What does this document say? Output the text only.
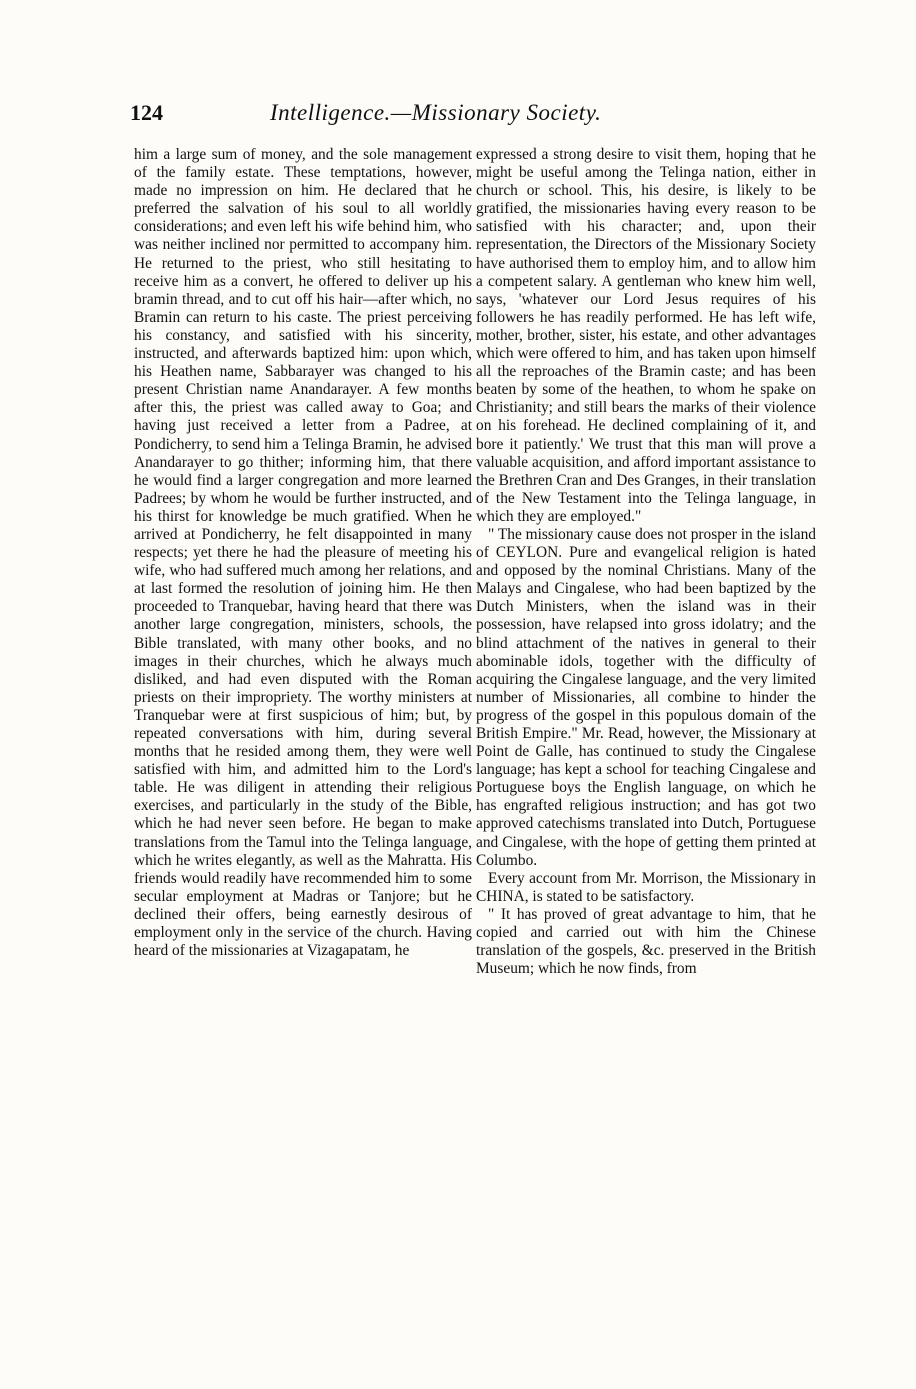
124	Intelligence.—Missionary Society.

him a large sum of money, and the sole management of the family estate. These temptations, however, made no impression on him. He declared that he preferred the salvation of his soul to all worldly considerations; and even left his wife behind him, who was neither inclined nor permitted to accompany him. He returned to the priest, who still hesitating to receive him as a convert, he offered to deliver up his bramin thread, and to cut off his hair—after which, no Bramin can return to his caste. The priest perceiving his constancy, and satisfied with his sincerity, instructed, and afterwards baptized him: upon which, his Heathen name, Sabbarayer was changed to his present Christian name Anandarayer. A few months after this, the priest was called away to Goa; and having just received a letter from a Padree, at Pondicherry, to send him a Telinga Bramin, he advised Anandarayer to go thither; informing him, that there he would find a larger congregation and more learned Padrees; by whom he would be further instructed, and his thirst for knowledge be much gratified. When he arrived at Pondicherry, he felt disappointed in many respects; yet there he had the pleasure of meeting his wife, who had suffered much among her relations, and at last formed the resolution of joining him. He then proceeded to Tranquebar, having heard that there was another large congregation, ministers, schools, the Bible translated, with many other books, and no images in their churches, which he always much disliked, and had even disputed with the Roman priests on their impropriety. The worthy ministers at Tranquebar were at first suspicious of him; but, by repeated conversations with him, during several months that he resided among them, they were well satisfied with him, and admitted him to the Lord's table. He was diligent in attending their religious exercises, and particularly in the study of the Bible, which he had never seen before. He began to make translations from the Tamul into the Telinga language, which he writes elegantly, as well as the Mahratta. His friends would readily have recommended him to some secular employment at Madras or Tanjore; but he declined their offers, being earnestly desirous of employment only in the service of the church. Having heard of the missionaries at Vizagapatam, he

expressed a strong desire to visit them, hoping that he might be useful among the Telinga nation, either in church or school. This, his desire, is likely to be gratified, the missionaries having every reason to be satisfied with his character; and, upon their representation, the Directors of the Missionary Society have authorised them to employ him, and to allow him a competent salary. A gentleman who knew him well, says, 'whatever our Lord Jesus requires of his followers he has readily performed. He has left wife, mother, brother, sister, his estate, and other advantages which were offered to him, and has taken upon himself all the reproaches of the Bramin caste; and has been beaten by some of the heathen, to whom he spake on Christianity; and still bears the marks of their violence on his forehead. He declined complaining of it, and bore it patiently.' We trust that this man will prove a valuable acquisition, and afford important assistance to the Brethren Cran and Des Granges, in their translation of the New Testament into the Telinga language, in which they are employed."

" The missionary cause does not prosper in the island of CEYLON. Pure and evangelical religion is hated and opposed by the nominal Christians. Many of the Malays and Cingalese, who had been baptized by the Dutch Ministers, when the island was in their possession, have relapsed into gross idolatry; and the blind attachment of the natives in general to their abominable idols, together with the difficulty of acquiring the Cingalese language, and the very limited number of Missionaries, all combine to hinder the progress of the gospel in this populous domain of the British Empire." Mr. Read, however, the Missionary at Point de Galle, has continued to study the Cingalese language; has kept a school for teaching Cingalese and Portuguese boys the English language, on which he has engrafted religious instruction; and has got two approved catechisms translated into Dutch, Portuguese and Cingalese, with the hope of getting them printed at Columbo.

Every account from Mr. Morrison, the Missionary in CHINA, is stated to be satisfactory.

" It has proved of great advantage to him, that he copied and carried out with him the Chinese translation of the gospels, &c. preserved in the British Museum; which he now finds, from
